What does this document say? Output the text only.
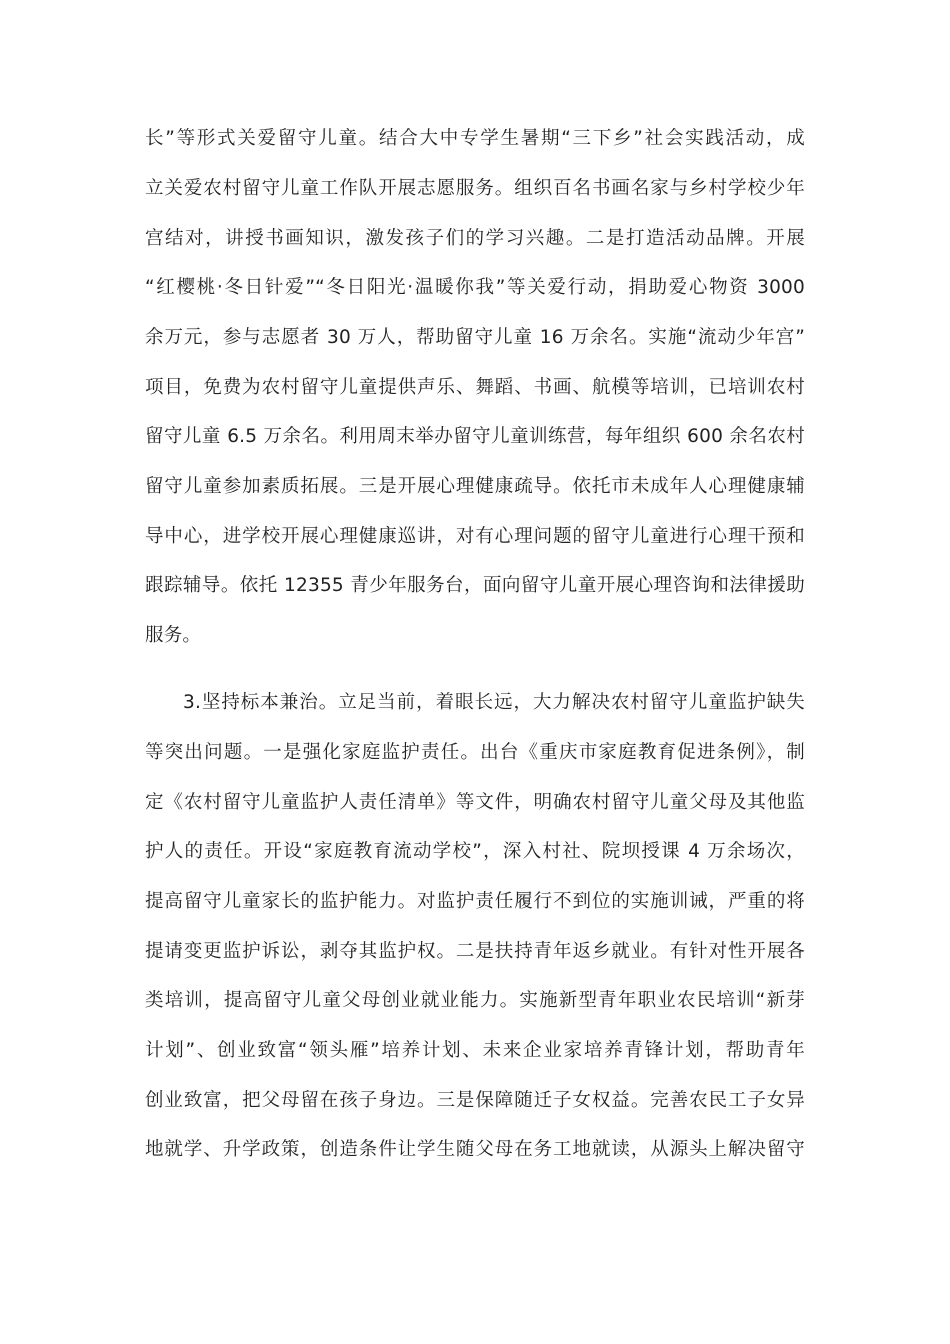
长”等形式关爱留守儿童。结合大中专学生暑期“三下乡”社会实践活动，成
立关爱农村留守儿童工作队开展志愿服务。组织百名书画名家与乡村学校少年
宫结对，讲授书画知识，激发孩子们的学习兴趣。二是打造活动品牌。开展
“红樱桃·冬日针爱”“冬日阳光·温暖你我”等关爱行动，捐助爱心物资 3000
余万元，参与志愿者 30 万人，帮助留守儿童 16 万余名。实施“流动少年宫”
项目，免费为农村留守儿童提供声乐、舞蹈、书画、航模等培训，已培训农村
留守儿童 6.5 万余名。利用周末举办留守儿童训练营，每年组织 600 余名农村
留守儿童参加素质拓展。三是开展心理健康疏导。依托市未成年人心理健康辅
导中心，进学校开展心理健康巡讲，对有心理问题的留守儿童进行心理干预和
跟踪辅导。依托 12355 青少年服务台，面向留守儿童开展心理咨询和法律援助
服务。
3.坚持标本兼治。立足当前，着眼长远，大力解决农村留守儿童监护缺失
等突出问题。一是强化家庭监护责任。出台《重庆市家庭教育促进条例》，制
定《农村留守儿童监护人责任清单》等文件，明确农村留守儿童父母及其他监
护人的责任。开设“家庭教育流动学校”，深入村社、院坝授课 4 万余场次，
提高留守儿童家长的监护能力。对监护责任履行不到位的实施训诫，严重的将
提请变更监护诉讼，剥夺其监护权。二是扶持青年返乡就业。有针对性开展各
类培训，提高留守儿童父母创业就业能力。实施新型青年职业农民培训“新芽
计划”、创业致富“领头雁”培养计划、未来企业家培养青锋计划，帮助青年
创业致富，把父母留在孩子身边。三是保障随迁子女权益。完善农民工子女异
地就学、升学政策，创造条件让学生随父母在务工地就读，从源头上解决留守
